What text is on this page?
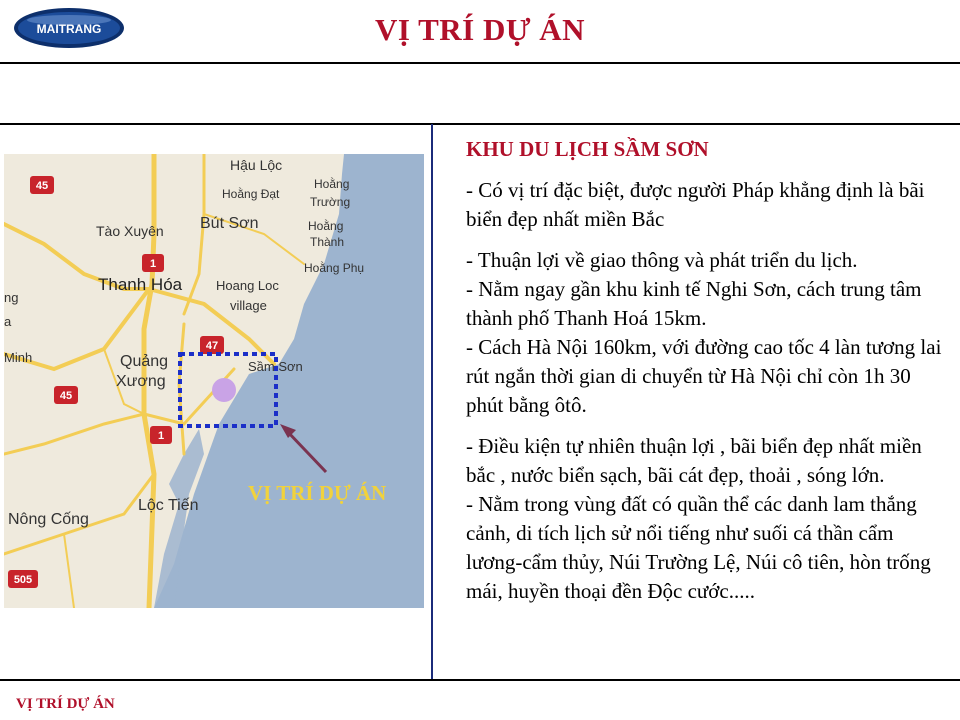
MAITRANG	VỊ TRÍ DỰ ÁN
45
1
47
45
1
505
Hậu Lộc
Hoằng Đạt
Hoằng
Trường
Hoằng
Thành
Hoằng Phụ
Tào Xuyên Bút Sơn
Thanh Hóa	Hoang Loc
village
Quảng
Xương
Sầm Sơn
Lộc Tiến
Nông Cống
Minh
a
ng
VỊ TRÍ DỰ ÁN
KHU DU LỊCH SẦM SƠN

- Có vị trí đặc biệt, được người Pháp khẳng định là bãi biển đẹp nhất miền Bắc

- Thuận lợi về giao thông và phát triển du lịch.

- Nằm ngay gần khu kinh tế Nghi Sơn, cách trung tâm thành phố Thanh Hoá 15km.

- Cách Hà Nội 160km, với đường cao tốc 4 làn tương lai rút ngắn thời gian di chuyển từ Hà Nội chỉ còn 1h 30 phút bằng ôtô.

- Điều kiện tự nhiên thuận lợi , bãi biển đẹp nhất miền bắc , nước biển sạch, bãi cát đẹp, thoải , sóng lớn.

- Nằm trong vùng đất có quần thể các danh lam thắng cảnh, di tích lịch sử nổi tiếng như suối cá thần cẩm lương-cẩm thủy, Núi Trường Lệ, Núi cô tiên, hòn trống mái, huyền thoại đền Độc cước.....

VỊ TRÍ DỰ ÁN
